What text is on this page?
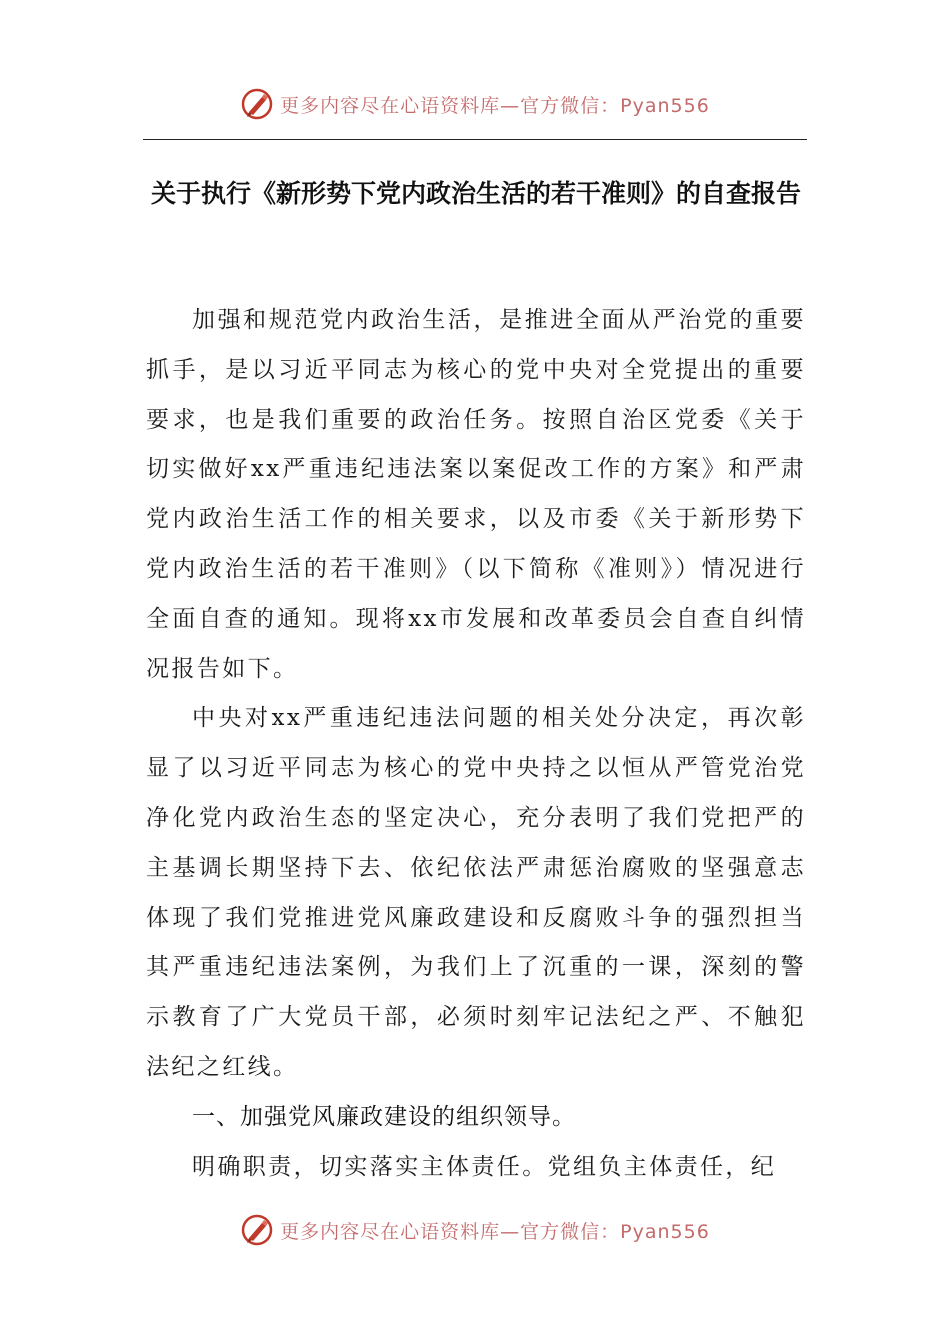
更多内容尽在心语资料库—官方微信：Pyan556
关于执行《新形势下党内政治生活的若干准则》的自查报告

加强和规范党内政治生活，是推进全面从严治党的重要抓手，是以习近平同志为核心的党中央对全党提出的重要要求，也是我们重要的政治任务。按照自治区党委《关于切实做好xx严重违纪违法案以案促改工作的方案》和严肃党内政治生活工作的相关要求，以及市委《关于新形势下党内政治生活的若干准则》（以下简称《准则》）情况进行全面自查的通知。现将xx市发展和改革委员会自查自纠情况报告如下。

中央对xx严重违纪违法问题的相关处分决定，再次彰显了以习近平同志为核心的党中央持之以恒从严管党治党净化党内政治生态的坚定决心，充分表明了我们党把严的主基调长期坚持下去、依纪依法严肃惩治腐败的坚强意志体现了我们党推进党风廉政建设和反腐败斗争的强烈担当其严重违纪违法案例，为我们上了沉重的一课，深刻的警示教育了广大党员干部，必须时刻牢记法纪之严、不触犯法纪之红线。

一、加强党风廉政建设的组织领导。

明确职责，切实落实主体责任。党组负主体责任，纪

更多内容尽在心语资料库—官方微信：Pyan556
